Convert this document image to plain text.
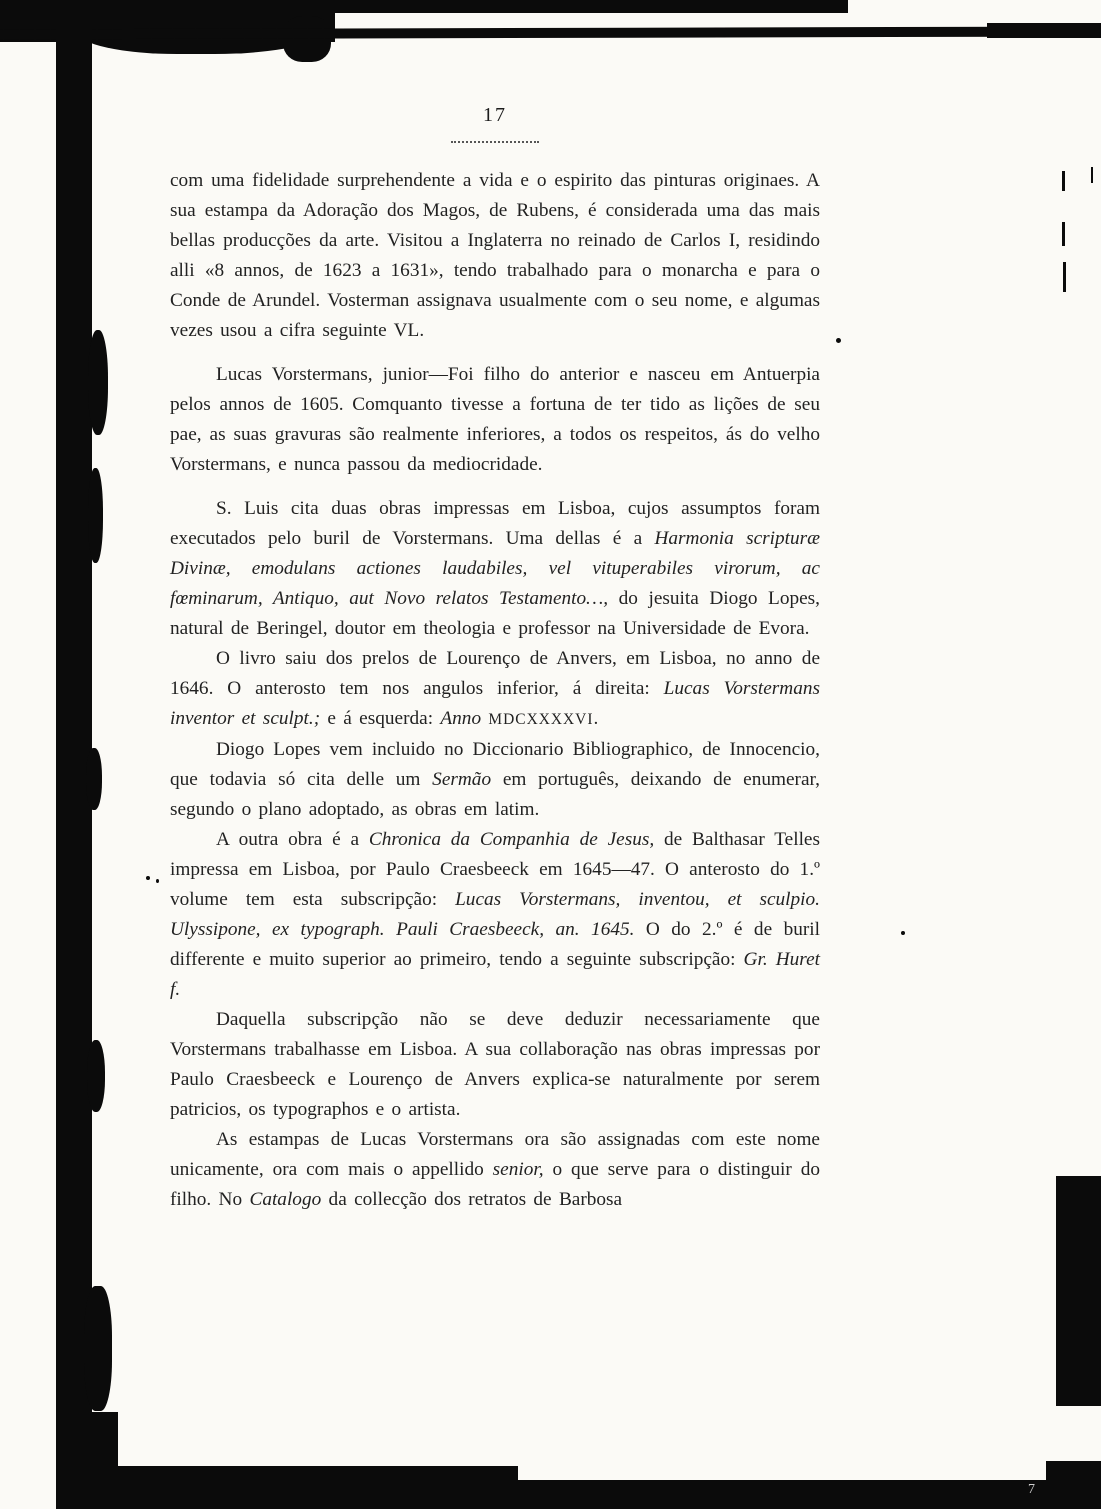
17

com uma fidelidade surprehendente a vida e o espirito das pinturas originaes. A sua estampa da Adoração dos Magos, de Rubens, é considerada uma das mais bellas producções da arte. Visitou a Inglaterra no reinado de Carlos I, residindo alli «8 annos, de 1623 a 1631», tendo trabalhado para o monarcha e para o Conde de Arundel. Vosterman assignava usualmente com o seu nome, e algumas vezes usou a cifra seguinte VL.

Lucas Vorstermans, junior—Foi filho do anterior e nasceu em Antuerpia pelos annos de 1605. Comquanto tivesse a fortuna de ter tido as lições de seu pae, as suas gravuras são realmente inferiores, a todos os respeitos, ás do velho Vorstermans, e nunca passou da mediocridade.

S. Luis cita duas obras impressas em Lisboa, cujos assumptos foram executados pelo buril de Vorstermans. Uma dellas é a Harmonia scripturæ Divinæ, emodulans actiones laudabiles, vel vituperabiles virorum, ac fœminarum, Antiquo, aut Novo relatos Testamento…, do jesuita Diogo Lopes, natural de Beringel, doutor em theologia e professor na Universidade de Evora.

O livro saiu dos prelos de Lourenço de Anvers, em Lisboa, no anno de 1646. O anterosto tem nos angulos inferior, á direita: Lucas Vorstermans inventor et sculpt.; e á esquerda: Anno MDCXXXXVI.

Diogo Lopes vem incluido no Diccionario Bibliographico, de Innocencio, que todavia só cita delle um Sermão em português, deixando de enumerar, segundo o plano adoptado, as obras em latim.

A outra obra é a Chronica da Companhia de Jesus, de Balthasar Telles impressa em Lisboa, por Paulo Craesbeeck em 1645—47. O anterosto do 1.º volume tem esta subscripção: Lucas Vorstermans, inventou, et sculpio. Ulyssipone, ex typograph. Pauli Craesbeeck, an. 1645. O do 2.º é de buril differente e muito superior ao primeiro, tendo a seguinte subscripção: Gr. Huret f.

Daquella subscripção não se deve deduzir necessariamente que Vorstermans trabalhasse em Lisboa. A sua collaboração nas obras impressas por Paulo Craesbeeck e Lourenço de Anvers explica-se naturalmente por serem patricios, os typographos e o artista.

As estampas de Lucas Vorstermans ora são assignadas com este nome unicamente, ora com mais o appellido senior, o que serve para o distinguir do filho. No Catalogo da collecção dos retratos de Barbosa

7
